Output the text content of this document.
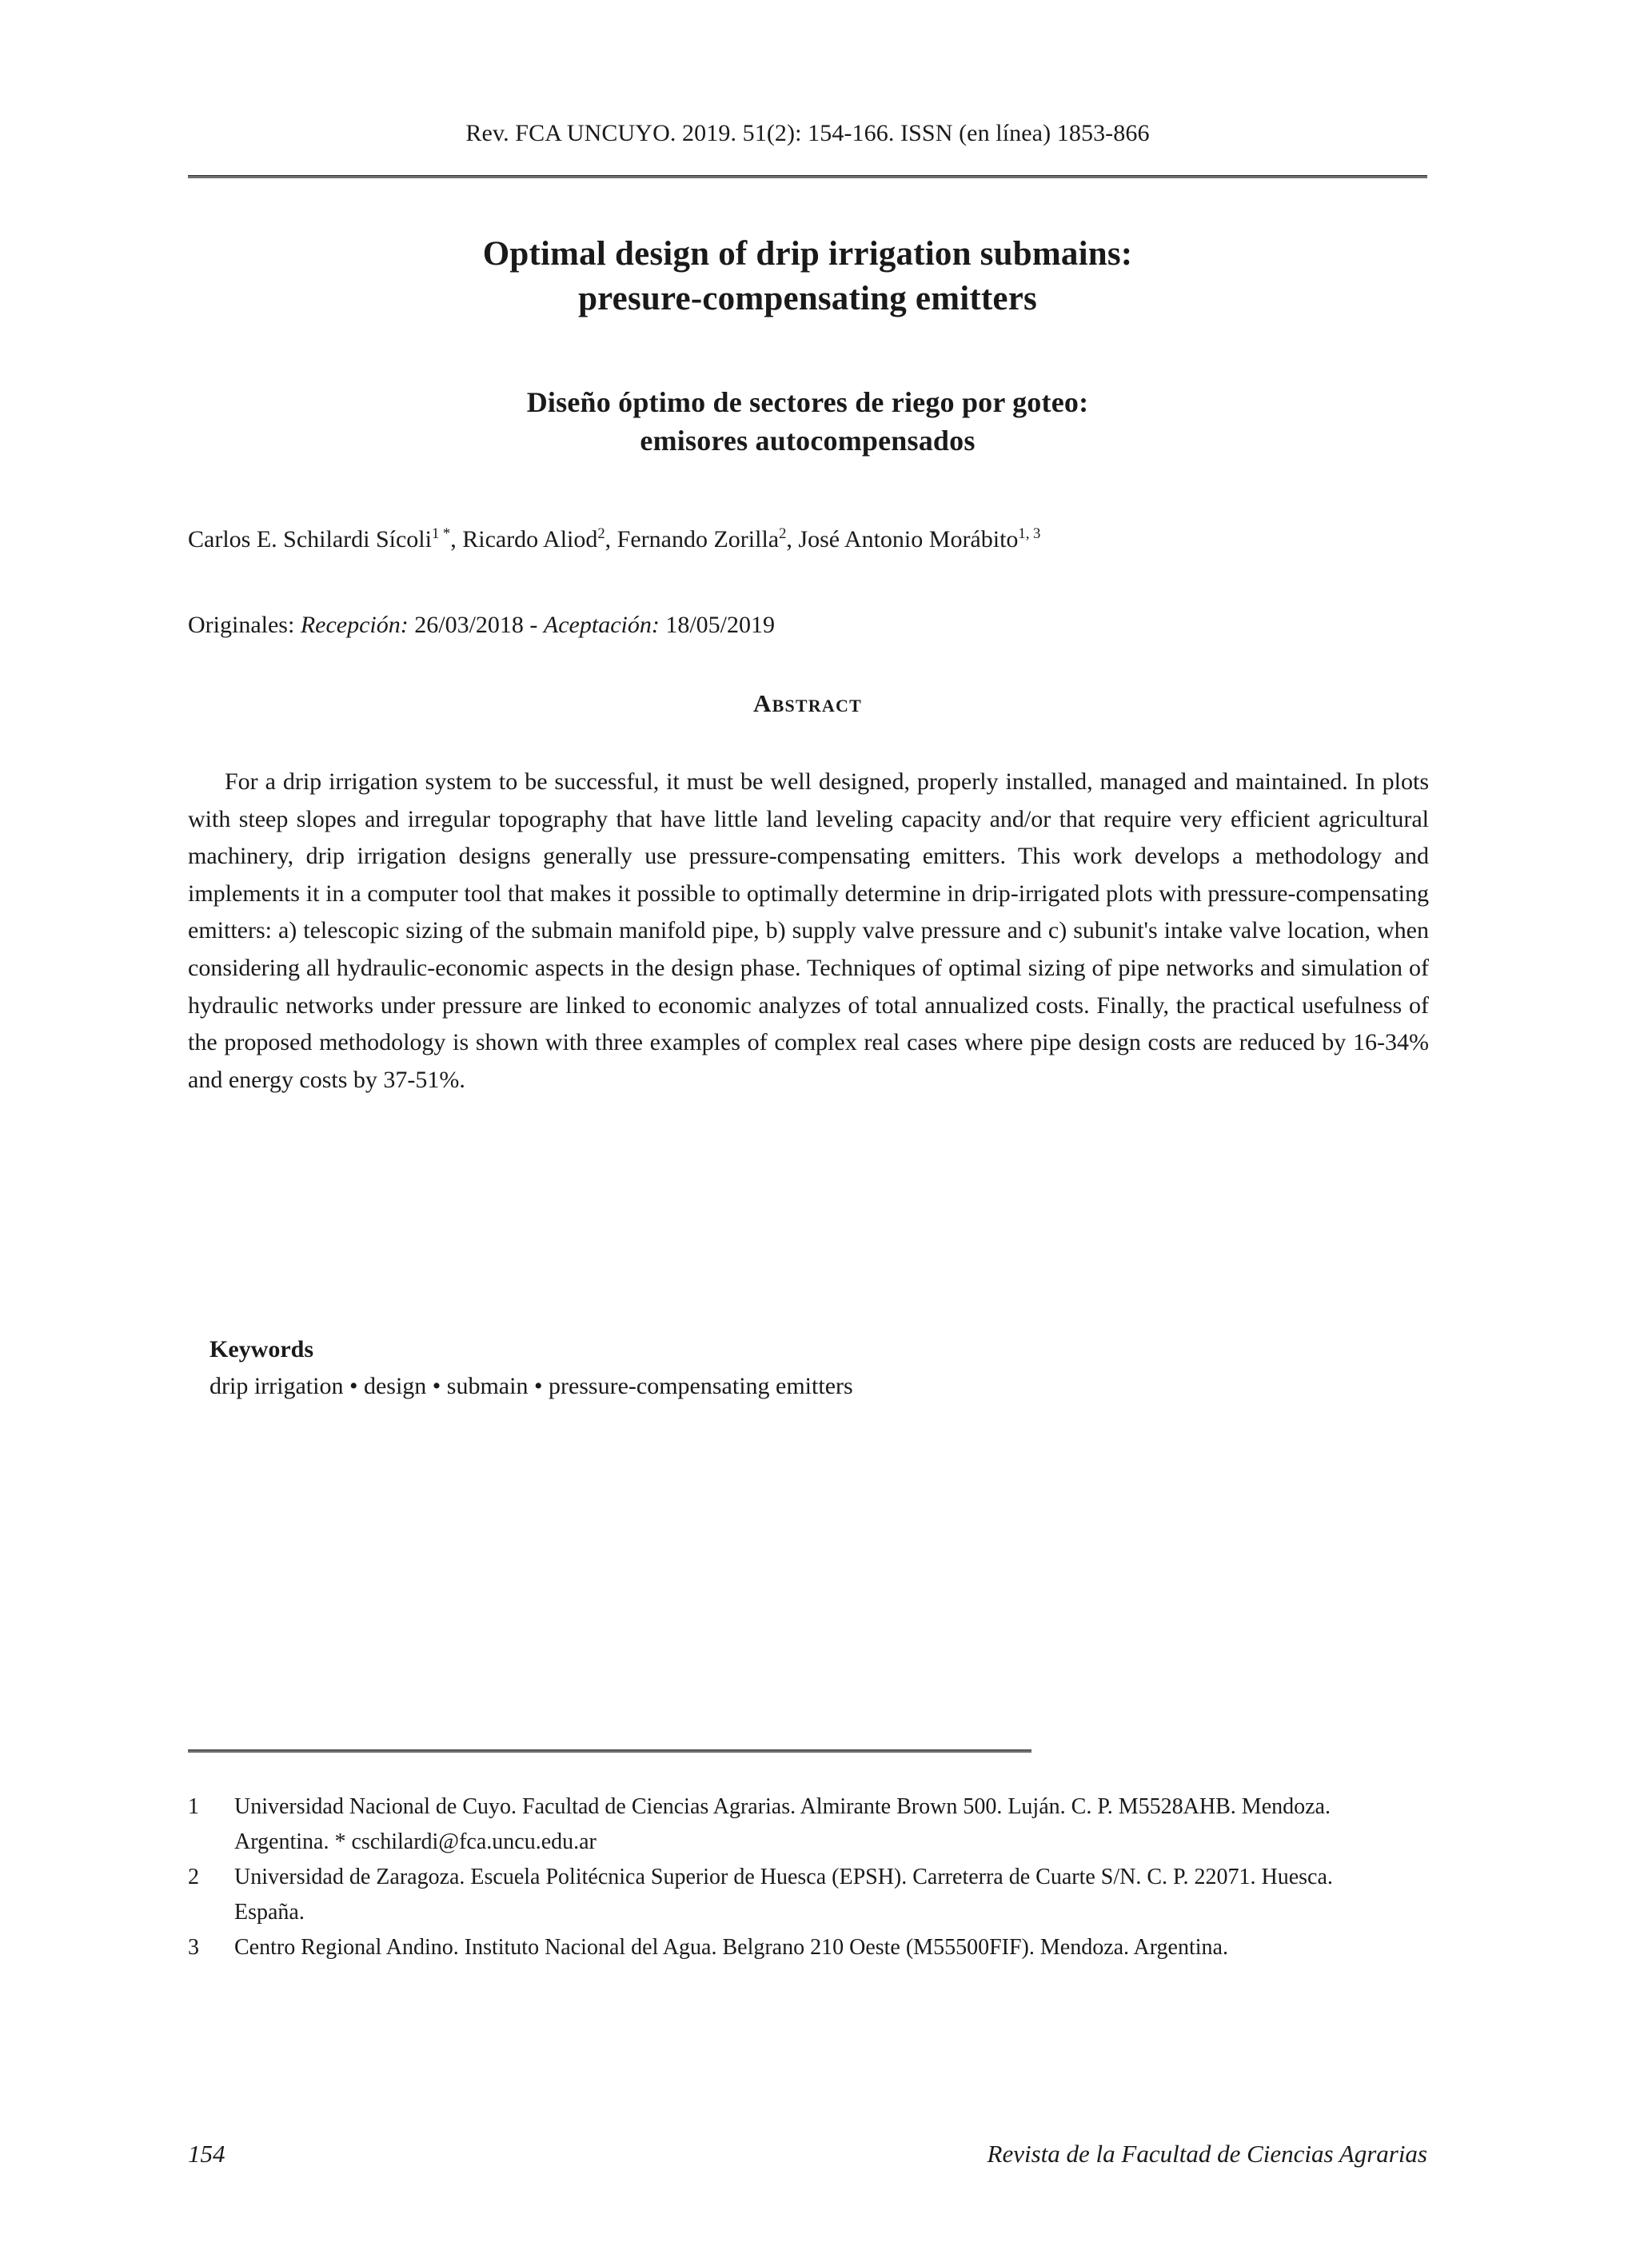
Rev. FCA UNCUYO. 2019. 51(2): 154-166. ISSN (en línea) 1853-866
Optimal design of drip irrigation submains:
presure-compensating emitters
Diseño óptimo de sectores de riego por goteo:
emisores autocompensados
Carlos E. Schilardi Sícoli$^{1 *}$, Ricardo Aliod$^2$, Fernando Zorilla$^2$, José Antonio Morábito$^{1, 3}$
Originales: Recepción: 26/03/2018 - Aceptación: 18/05/2019
Abstract
For a drip irrigation system to be successful, it must be well designed, properly installed, managed and maintained. In plots with steep slopes and irregular topography that have little land leveling capacity and/or that require very efficient agricultural machinery, drip irrigation designs generally use pressure-compensating emitters. This work develops a methodology and implements it in a computer tool that makes it possible to optimally determine in drip-irrigated plots with pressure-compensating emitters: a) telescopic sizing of the submain manifold pipe, b) supply valve pressure and c) subunit's intake valve location, when considering all hydraulic-economic aspects in the design phase. Techniques of optimal sizing of pipe networks and simulation of hydraulic networks under pressure are linked to economic analyzes of total annualized costs. Finally, the practical usefulness of the proposed methodology is shown with three examples of complex real cases where pipe design costs are reduced by 16-34% and energy costs by 37-51%.
Keywords
drip irrigation • design • submain • pressure-compensating emitters
1	Universidad Nacional de Cuyo. Facultad de Ciencias Agrarias. Almirante Brown 500. Luján. C. P. M5528AHB. Mendoza. Argentina. * cschilardi@fca.uncu.edu.ar
2	Universidad de Zaragoza. Escuela Politécnica Superior de Huesca (EPSH). Carreterra de Cuarte S/N. C. P. 22071. Huesca. España.
3	Centro Regional Andino. Instituto Nacional del Agua. Belgrano 210 Oeste (M55500FIF). Mendoza. Argentina.
154	Revista de la Facultad de Ciencias Agrarias
